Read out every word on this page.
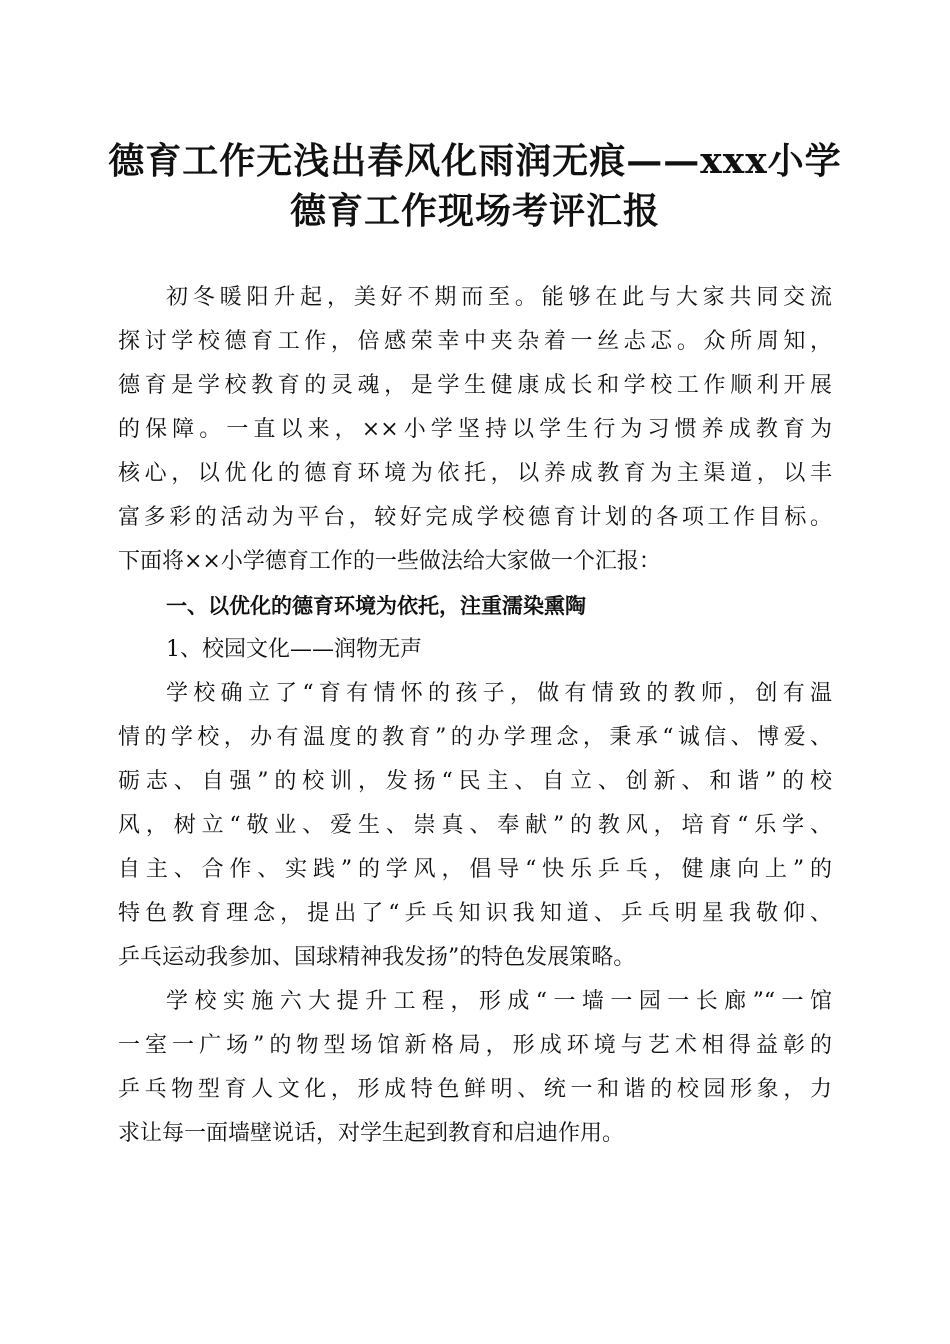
德育工作无浅出春风化雨润无痕——xxx小学
德育工作现场考评汇报
初冬暖阳升起，美好不期而至。能够在此与大家共同交流
探讨学校德育工作，倍感荣幸中夹杂着一丝忐忑。众所周知，
德育是学校教育的灵魂，是学生健康成长和学校工作顺利开展
的保障。一直以来，××小学坚持以学生行为习惯养成教育为
核心，以优化的德育环境为依托，以养成教育为主渠道，以丰
富多彩的活动为平台，较好完成学校德育计划的各项工作目标。
下面将××小学德育工作的一些做法给大家做一个汇报：
一、以优化的德育环境为依托，注重濡染熏陶
1、校园文化——润物无声
学校确立了“育有情怀的孩子，做有情致的教师，创有温
情的学校，办有温度的教育”的办学理念，秉承“诚信、博爱、
砺志、自强”的校训，发扬“民主、自立、创新、和谐”的校
风，树立“敬业、爱生、崇真、奉献”的教风，培育“乐学、
自主、合作、实践”的学风，倡导“快乐乒乓，健康向上”的
特色教育理念，提出了“乒乓知识我知道、乒乓明星我敬仰、
乒乓运动我参加、国球精神我发扬”的特色发展策略。
学校实施六大提升工程，形成“一墙一园一长廊”“一馆
一室一广场”的物型场馆新格局，形成环境与艺术相得益彰的
乒乓物型育人文化，形成特色鲜明、统一和谐的校园形象，力
求让每一面墙壁说话，对学生起到教育和启迪作用。
